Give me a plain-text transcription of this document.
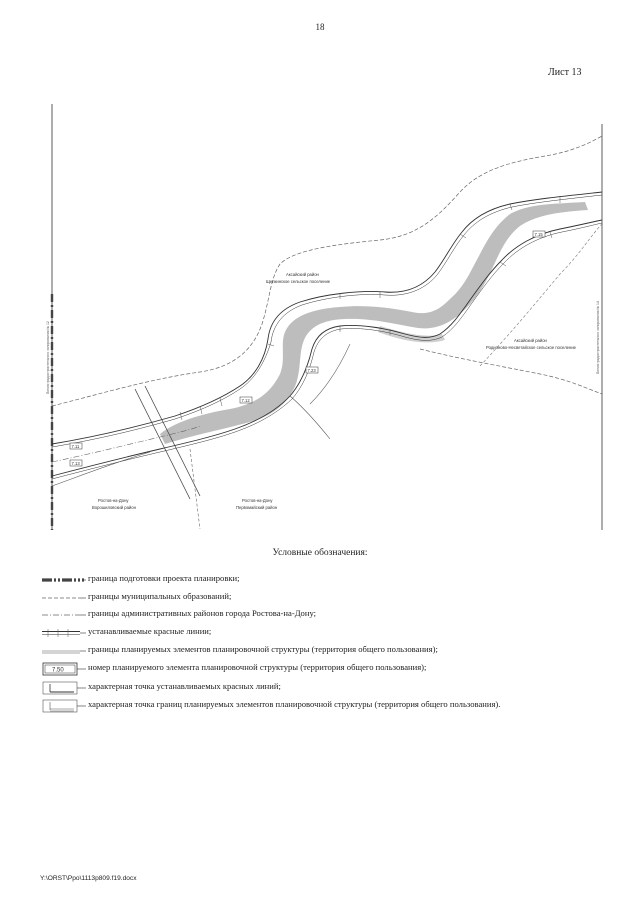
18
Лист 13
7.12
7.23
7.11
7.13
7.15
Аксайский район
Щепкинское сельское поселение
Аксайский район
Родионово-Несветайское сельское поселение
Ростов-на-Дону
Ворошиловский район
Ростов-на-Дону
Первомайский район
Линия градостроительного зонирования № 12	Линия градостроительного зонирования № 14
Условные обозначения:
граница подготовки проекта планировки;
границы муниципальных образований;
границы административных районов города Ростова-на-Дону;
устанавливаемые красные линии;
границы планируемых элементов планировочной структуры (территория общего пользования);
7.50	номер планируемого элемента планировочной структуры (территория общего пользования);
характерная точка устанавливаемых красных линий;
характерная точка границ планируемых элементов планировочной структуры (территория общего пользования).
Y:\ORST\Ppo\1113p809.f19.docx
